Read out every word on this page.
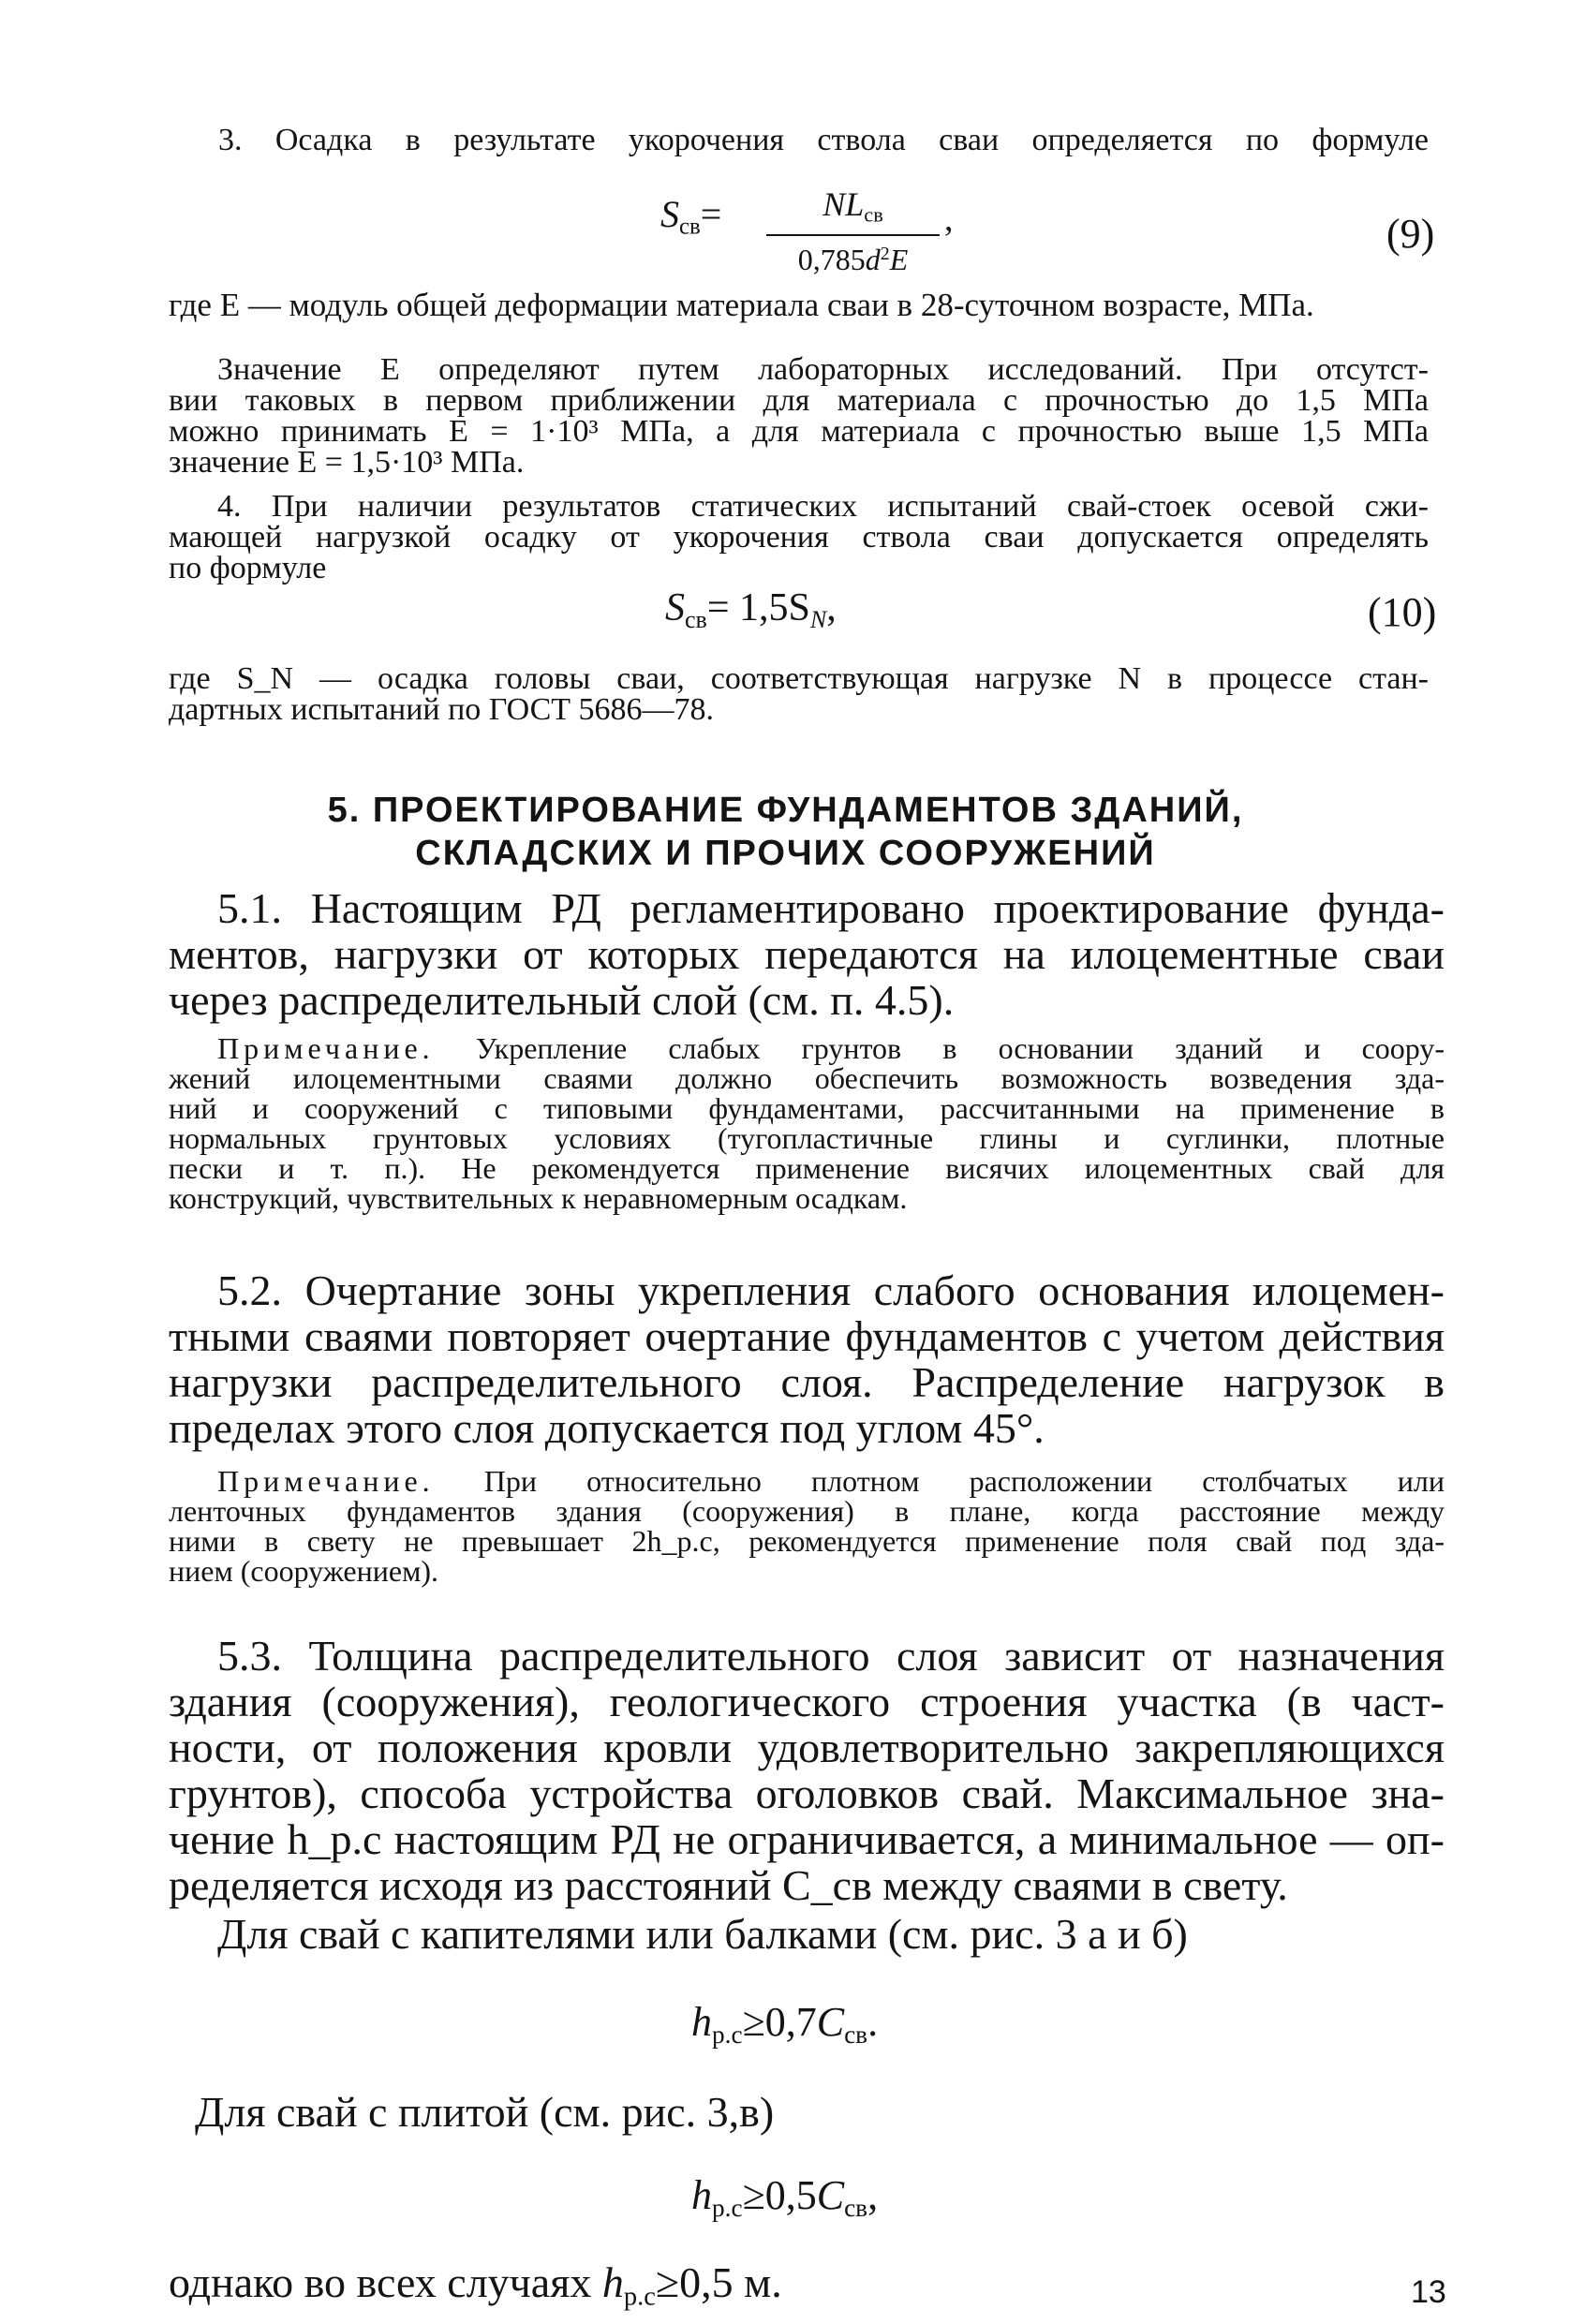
3. Осадка в результате укорочения ствола сваи определяется по формуле

$S_{св}=$	$NL_{св}$
$0,785d^2E$
,	(9)

где E — модуль общей деформации материала сваи в 28-суточном возрасте, МПа.

Значение E определяют путем лабораторных исследований. При отсутст-
вии таковых в первом приближении для материала с прочностью до 1,5 МПа
можно принимать E = 1·10³ МПа, а для материала с прочностью выше 1,5 МПа
значение E = 1,5·10³ МПа.
4. При наличии результатов статических испытаний свай-стоек осевой сжи-
мающей нагрузкой осадку от укорочения ствола сваи допускается определять
по формуле
$S_{св}= 1,5S_N$,	(10)
где S_N — осадка головы сваи, соответствующая нагрузке N в процессе стан-
дартных испытаний по ГОСТ 5686—78.
5. ПРОЕКТИРОВАНИЕ ФУНДАМЕНТОВ ЗДАНИЙ,
СКЛАДСКИХ И ПРОЧИХ СООРУЖЕНИЙ
5.1. Настоящим РД регламентировано проектирование фунда-
ментов, нагрузки от которых передаются на илоцементные сваи
через распределительный слой (см. п. 4.5).
Примечание. Укрепление слабых грунтов в основании зданий и соору-
жений илоцементными сваями должно обеспечить возможность возведения зда-
ний и сооружений с типовыми фундаментами, рассчитанными на применение в
нормальных грунтовых условиях (тугопластичные глины и суглинки, плотные
пески и т. п.). Не рекомендуется применение висячих илоцементных свай для
конструкций, чувствительных к неравномерным осадкам.
5.2. Очертание зоны укрепления слабого основания илоцемен-
тными сваями повторяет очертание фундаментов с учетом действия
нагрузки распределительного слоя. Распределение нагрузок в
пределах этого слоя допускается под углом 45°.
Примечание. При относительно плотном расположении столбчатых или
ленточных фундаментов здания (сооружения) в плане, когда расстояние между
ними в свету не превышает 2h_р.с, рекомендуется применение поля свай под зда-
нием (сооружением).
5.3. Толщина распределительного слоя зависит от назначения
здания (сооружения), геологического строения участка (в част-
ности, от положения кровли удовлетворительно закрепляющихся
грунтов), способа устройства оголовков свай. Максимальное зна-
чение h_р.с настоящим РД не ограничивается, а минимальное — оп-
ределяется исходя из расстояний C_св между сваями в свету.

Для свай с капителями или балками (см. рис. 3 а и б)

$h_{р.с}\ge 0,7C_{св}$.

Для свай с плитой (см. рис. 3,в)

$h_{р.с}\ge 0,5C_{св}$,

однако во всех случаях $h_{р.с}\ge 0,5$ м.	13
